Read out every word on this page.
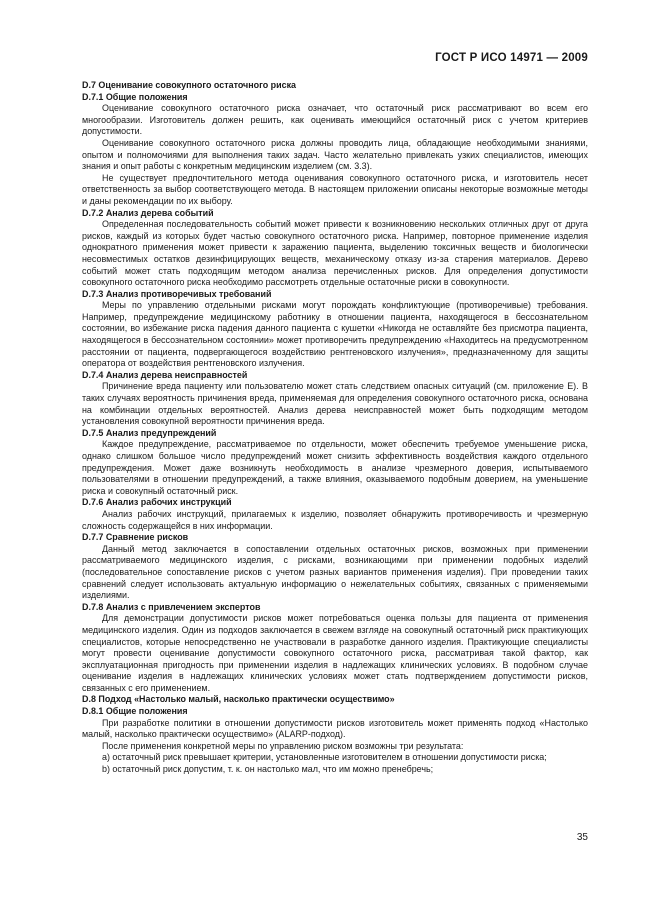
ГОСТ Р ИСО 14971 — 2009
D.7 Оценивание совокупного остаточного риска
D.7.1 Общие положения
Оценивание совокупного остаточного риска означает, что остаточный риск рассматривают во всем его многообразии. Изготовитель должен решить, как оценивать имеющийся остаточный риск с учетом критериев допустимости.
Оценивание совокупного остаточного риска должны проводить лица, обладающие необходимыми знаниями, опытом и полномочиями для выполнения таких задач. Часто желательно привлекать узких специалистов, имеющих знания и опыт работы с конкретным медицинским изделием (см. 3.3).
Не существует предпочтительного метода оценивания совокупного остаточного риска, и изготовитель несет ответственность за выбор соответствующего метода. В настоящем приложении описаны некоторые возможные методы и даны рекомендации по их выбору.
D.7.2 Анализ дерева событий
Определенная последовательность событий может привести к возникновению нескольких отличных друг от друга рисков, каждый из которых будет частью совокупного остаточного риска. Например, повторное применение изделия однократного применения может привести к заражению пациента, выделению токсичных веществ и биологически несовместимых остатков дезинфицирующих веществ, механическому отказу из-за старения материалов. Дерево событий может стать подходящим методом анализа перечисленных рисков. Для определения допустимости совокупного остаточного риска необходимо рассмотреть отдельные остаточные риски в совокупности.
D.7.3 Анализ противоречивых требований
Меры по управлению отдельными рисками могут порождать конфликтующие (противоречивые) требования. Например, предупреждение медицинскому работнику в отношении пациента, находящегося в бессознательном состоянии, во избежание риска падения данного пациента с кушетки «Никогда не оставляйте без присмотра пациента, находящегося в бессознательном состоянии» может противоречить предупреждению «Находитесь на предусмотренном расстоянии от пациента, подвергающегося воздействию рентгеновского излучения», предназначенному для защиты оператора от воздействия рентгеновского излучения.
D.7.4 Анализ дерева неисправностей
Причинение вреда пациенту или пользователю может стать следствием опасных ситуаций (см. приложение Е). В таких случаях вероятность причинения вреда, применяемая для определения совокупного остаточного риска, основана на комбинации отдельных вероятностей. Анализ дерева неисправностей может быть подходящим методом установления совокупной вероятности причинения вреда.
D.7.5 Анализ предупреждений
Каждое предупреждение, рассматриваемое по отдельности, может обеспечить требуемое уменьшение риска, однако слишком большое число предупреждений может снизить эффективность воздействия каждого отдельного предупреждения. Может даже возникнуть необходимость в анализе чрезмерного доверия, испытываемого пользователями в отношении предупреждений, а также влияния, оказываемого подобным доверием, на уменьшение риска и совокупный остаточный риск.
D.7.6 Анализ рабочих инструкций
Анализ рабочих инструкций, прилагаемых к изделию, позволяет обнаружить противоречивость и чрезмерную сложность содержащейся в них информации.
D.7.7 Сравнение рисков
Данный метод заключается в сопоставлении отдельных остаточных рисков, возможных при применении рассматриваемого медицинского изделия, с рисками, возникающими при применении подобных изделий (последовательное сопоставление рисков с учетом разных вариантов применения изделия). При проведении таких сравнений следует использовать актуальную информацию о нежелательных событиях, связанных с применяемыми изделиями.
D.7.8 Анализ с привлечением экспертов
Для демонстрации допустимости рисков может потребоваться оценка пользы для пациента от применения медицинского изделия. Один из подходов заключается в свежем взгляде на совокупный остаточный риск практикующих специалистов, которые непосредственно не участвовали в разработке данного изделия. Практикующие специалисты могут провести оценивание допустимости совокупного остаточного риска, рассматривая такой фактор, как эксплуатационная пригодность при применении изделия в надлежащих клинических условиях. В подобном случае оценивание изделия в надлежащих клинических условиях может стать подтверждением допустимости рисков, связанных с его применением.
D.8 Подход «Настолько малый, насколько практически осуществимо»
D.8.1 Общие положения
При разработке политики в отношении допустимости рисков изготовитель может применять подход «Настолько малый, насколько практически осуществимо» (ALARP-подход).
После применения конкретной меры по управлению риском возможны три результата:
а) остаточный риск превышает критерии, установленные изготовителем в отношении допустимости риска;
b) остаточный риск допустим, т. к. он настолько мал, что им можно пренебречь;
35
